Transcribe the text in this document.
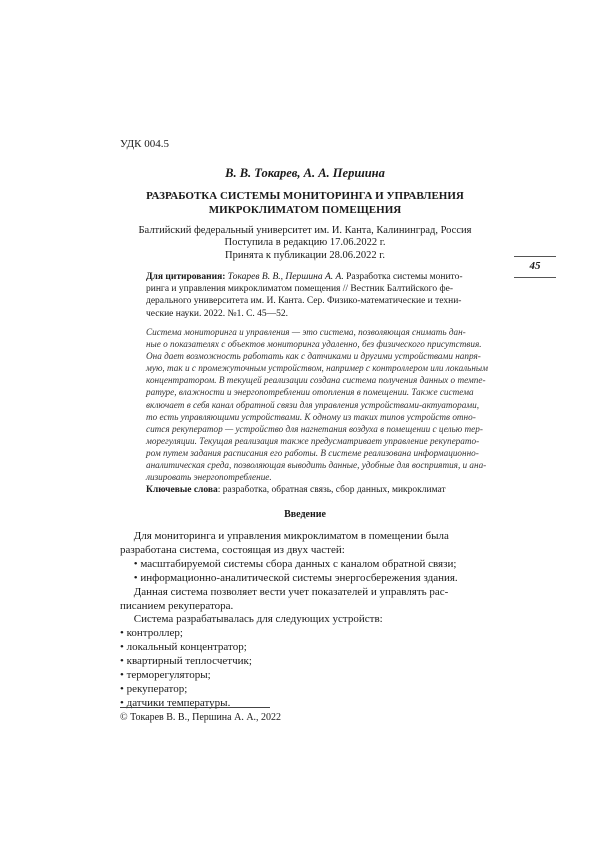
УДК 004.5
В. В. Токарев, А. А. Першина
РАЗРАБОТКА СИСТЕМЫ МОНИТОРИНГА И УПРАВЛЕНИЯ
МИКРОКЛИМАТОМ ПОМЕЩЕНИЯ
Балтийский федеральный университет им. И. Канта, Калининград, Россия
Поступила в редакцию 17.06.2022 г.
Принята к публикации 28.06.2022 г.
45
Для цитирования: Токарев В. В., Першина А. А. Разработка системы монито-
ринга и управления микроклиматом помещения // Вестник Балтийского фе-
дерального университета им. И. Канта. Сер. Физико-математические и техни-
ческие науки. 2022. №1. С. 45—52.
Система мониторинга и управления — это система, позволяющая снимать дан-
ные о показателях с объектов мониторинга удаленно, без физического присутствия.
Она дает возможность работать как с датчиками и другими устройствами напря-
мую, так и с промежуточным устройством, например с контроллером или локальным
концентратором. В текущей реализации создана система получения данных о темпе-
ратуре, влажности и энергопотреблении отопления в помещении. Также система
включает в себя канал обратной связи для управления устройствами-актуаторами,
то есть управляющими устройствами. К одному из таких типов устройств отно-
сится рекуператор — устройство для нагнетания воздуха в помещении с целью тер-
морегуляции. Текущая реализация также предусматривает управление рекуперато-
ром путем задания расписания его работы. В системе реализована информационно-
аналитическая среда, позволяющая выводить данные, удобные для восприятия, и ана-
лизировать энергопотребление.
Ключевые слова: разработка, обратная связь, сбор данных, микроклимат
Введение
Для мониторинга и управления микроклиматом в помещении была
разработана система, состоящая из двух частей:
• масштабируемой системы сбора данных с каналом обратной связи;
• информационно-аналитической системы энергосбережения здания.
Данная система позволяет вести учет показателей и управлять рас-
писанием рекуператора.
Система разрабатывалась для следующих устройств:
• контроллер;
• локальный концентратор;
• квартирный теплосчетчик;
• терморегуляторы;
• рекуператор;
• датчики температуры.
© Токарев В. В., Першина А. А., 2022
